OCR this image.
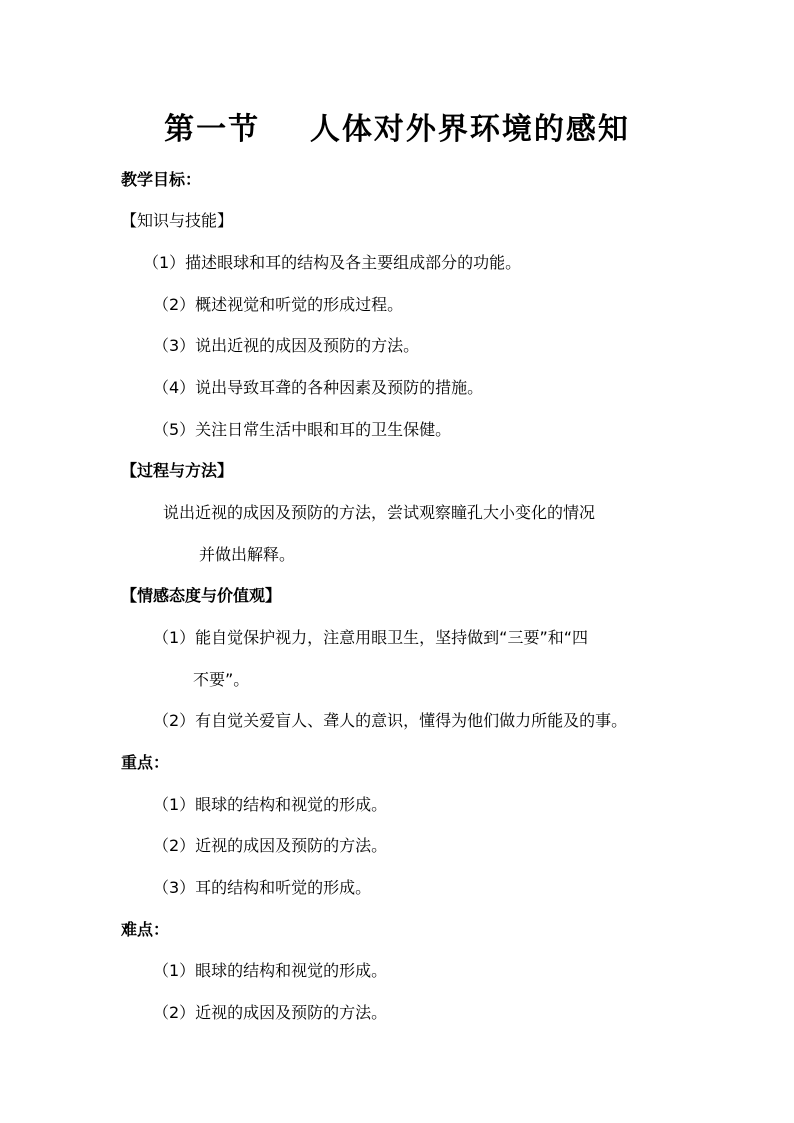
第一节    人体对外界环境的感知
教学目标：
【知识与技能】
（1）描述眼球和耳的结构及各主要组成部分的功能。
（2）概述视觉和听觉的形成过程。
（3）说出近视的成因及预防的方法。
（4）说出导致耳聋的各种因素及预防的措施。
（5）关注日常生活中眼和耳的卫生保健。
【过程与方法】
说出近视的成因及预防的方法，尝试观察瞳孔大小变化的情况
并做出解释。
【情感态度与价值观】
（1）能自觉保护视力，注意用眼卫生，坚持做到“三要”和“四
不要”。
（2）有自觉关爱盲人、聋人的意识，懂得为他们做力所能及的事。
重点：
（1）眼球的结构和视觉的形成。
（2）近视的成因及预防的方法。
（3）耳的结构和听觉的形成。
难点：
（1）眼球的结构和视觉的形成。
（2）近视的成因及预防的方法。
